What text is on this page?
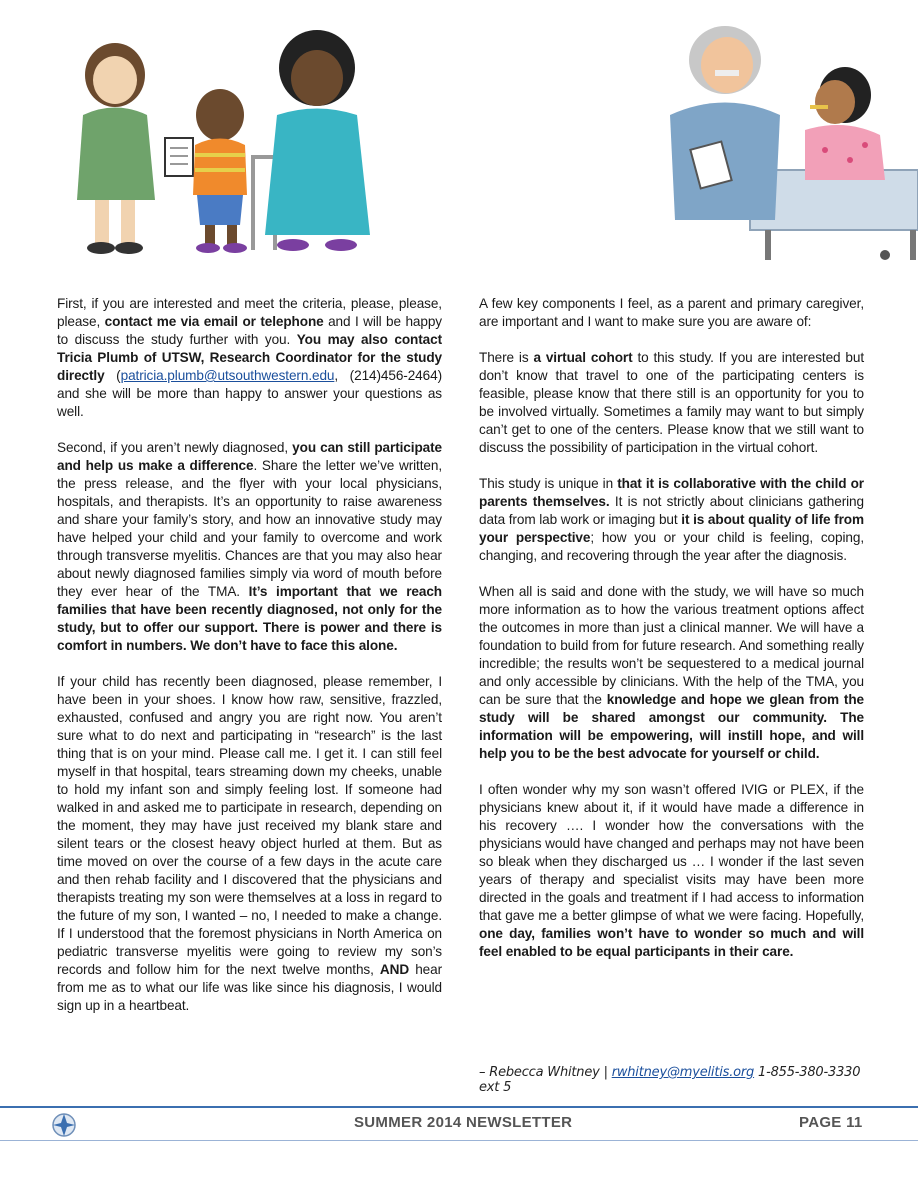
First, if you are interested and meet the criteria, please, please, please, contact me via email or telephone and I will be happy to discuss the study further with you. You may also contact Tricia Plumb of UTSW, Research Coordinator for the study directly (patricia.plumb@utsouthwestern.edu, (214)456-2464) and she will be more than happy to answer your questions as well.

Second, if you aren’t newly diagnosed, you can still participate and help us make a difference. Share the letter we’ve written, the press release, and the flyer with your local physicians, hospitals, and therapists. It’s an opportunity to raise awareness and share your family’s story, and how an innovative study may have helped your child and your family to overcome and work through transverse myelitis. Chances are that you may also hear about newly diagnosed families simply via word of mouth before they ever hear of the TMA. It’s important that we reach families that have been recently diagnosed, not only for the study, but to offer our support. There is power and there is comfort in numbers. We don’t have to face this alone.

If your child has recently been diagnosed, please remember, I have been in your shoes. I know how raw, sensitive, frazzled, exhausted, confused and angry you are right now. You aren’t sure what to do next and participating in “research” is the last thing that is on your mind. Please call me. I get it. I can still feel myself in that hospital, tears streaming down my cheeks, unable to hold my infant son and simply feeling lost. If someone had walked in and asked me to participate in research, depending on the moment, they may have just received my blank stare and silent tears or the closest heavy object hurled at them. But as time moved on over the course of a few days in the acute care and then rehab facility and I discovered that the physicians and therapists treating my son were themselves at a loss in regard to the future of my son, I wanted – no, I needed to make a change. If I understood that the foremost physicians in North America on pediatric transverse myelitis were going to review my son’s records and follow him for the next twelve months, AND hear from me as to what our life was like since his diagnosis, I would sign up in a heartbeat.

A few key components I feel, as a parent and primary caregiver, are important and I want to make sure you are aware of:

There is a virtual cohort to this study. If you are interested but don’t know that travel to one of the participating centers is feasible, please know that there still is an opportunity for you to be involved virtually. Sometimes a family may want to but simply can’t get to one of the centers. Please know that we still want to discuss the possibility of participation in the virtual cohort.

This study is unique in that it is collaborative with the child or parents themselves. It is not strictly about clinicians gathering data from lab work or imaging but it is about quality of life from your perspective; how you or your child is feeling, coping, changing, and recovering through the year after the diagnosis.

When all is said and done with the study, we will have so much more information as to how the various treatment options affect the outcomes in more than just a clinical manner. We will have a foundation to build from for future research. And something really incredible; the results won’t be sequestered to a medical journal and only accessible by clinicians. With the help of the TMA, you can be sure that the knowledge and hope we glean from the study will be shared amongst our community. The information will be empowering, will instill hope, and will help you to be the best advocate for yourself or child.

I often wonder why my son wasn’t offered IVIG or PLEX, if the physicians knew about it, if it would have made a difference in his recovery …. I wonder how the conversations with the physicians would have changed and perhaps may not have been so bleak when they discharged us … I wonder if the last seven years of therapy and specialist visits may have been more directed in the goals and treatment if I had access to information that gave me a better glimpse of what we were facing. Hopefully, one day, families won’t have to wonder so much and will feel enabled to be equal participants in their care.

– Rebecca Whitney | rwhitney@myelitis.org 1-855-380-3330 ext 5
SUMMER 2014 NEWSLETTER	PAGE 11
